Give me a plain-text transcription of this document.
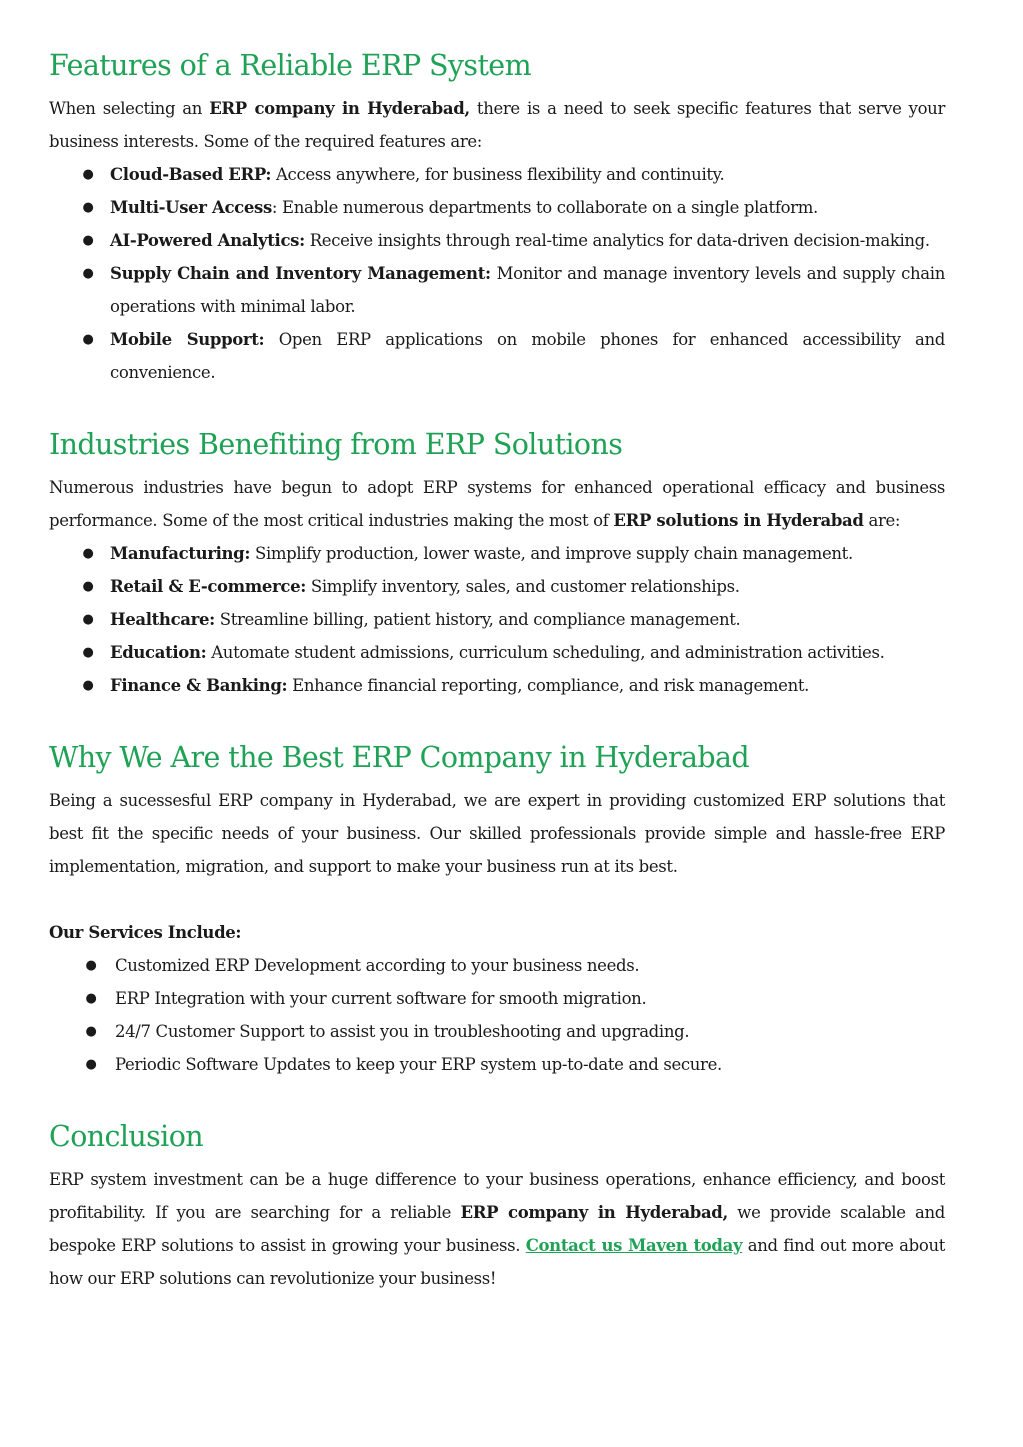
Features of a Reliable ERP System

When selecting an ERP company in Hyderabad, there is a need to seek specific features that serve your business interests. Some of the required features are:

● Cloud-Based ERP: Access anywhere, for business flexibility and continuity.
● Multi-User Access: Enable numerous departments to collaborate on a single platform.
● AI-Powered Analytics: Receive insights through real-time analytics for data-driven decision-making.
● Supply Chain and Inventory Management: Monitor and manage inventory levels and supply chain operations with minimal labor.
● Mobile Support: Open ERP applications on mobile phones for enhanced accessibility and convenience.
Industries Benefiting from ERP Solutions

Numerous industries have begun to adopt ERP systems for enhanced operational efficacy and business performance. Some of the most critical industries making the most of ERP solutions in Hyderabad are:

● Manufacturing: Simplify production, lower waste, and improve supply chain management.
● Retail & E-commerce: Simplify inventory, sales, and customer relationships.
● Healthcare: Streamline billing, patient history, and compliance management.
● Education: Automate student admissions, curriculum scheduling, and administration activities.
● Finance & Banking: Enhance financial reporting, compliance, and risk management.
Why We Are the Best ERP Company in Hyderabad

Being a sucessesful ERP company in Hyderabad, we are expert in providing customized ERP solutions that best fit the specific needs of your business. Our skilled professionals provide simple and hassle-free ERP implementation, migration, and support to make your business run at its best.

Our Services Include:

● Customized ERP Development according to your business needs.
● ERP Integration with your current software for smooth migration.
● 24/7 Customer Support to assist you in troubleshooting and upgrading.
● Periodic Software Updates to keep your ERP system up-to-date and secure.
Conclusion

ERP system investment can be a huge difference to your business operations, enhance efficiency, and boost profitability. If you are searching for a reliable ERP company in Hyderabad, we provide scalable and bespoke ERP solutions to assist in growing your business. Contact us Maven today and find out more about how our ERP solutions can revolutionize your business!
